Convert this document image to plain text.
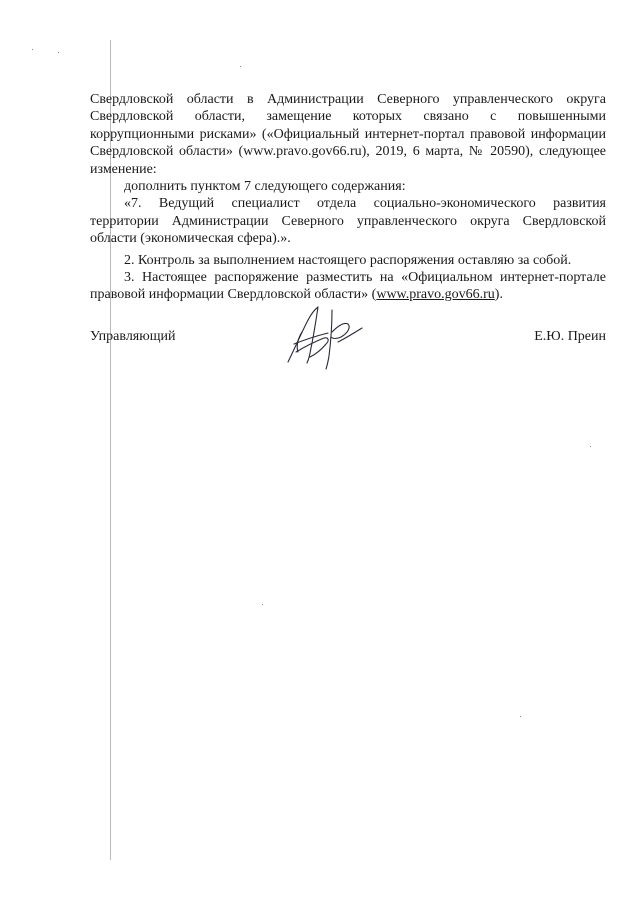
Свердловской области в Администрации Северного управленческого округа Свердловской области, замещение которых связано с повышенными коррупционными рисками» («Официальный интернет-портал правовой информации Свердловской области» (www.pravo.gov66.ru), 2019, 6 марта, № 20590), следующее изменение:

дополнить пунктом 7 следующего содержания:

«7. Ведущий специалист отдела социально-экономического развития территории Администрации Северного управленческого округа Свердловской области (экономическая сфера).».

2. Контроль за выполнением настоящего распоряжения оставляю за собой.

3. Настоящее распоряжение разместить на «Официальном интернет-портале правовой информации Свердловской области» (www.pravo.gov66.ru).

Управляющий	Е.Ю. Преин
